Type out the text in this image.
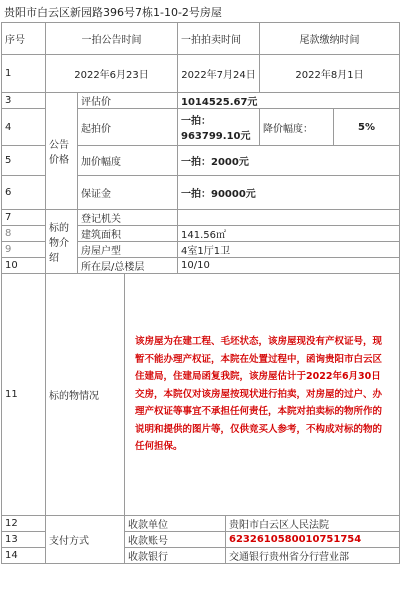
贵阳市白云区新园路396号7栋1-10-2号房屋
序号	一拍公告时间			一拍拍卖时间		尾款缴纳时间	
1	2022年6月23日			2022年7月24日		2022年8月1日	
3	公告价格	评估价		1014525.67元			
4		起拍价		一拍：963799.10元		降价幅度：	5%
5		加价幅度		一拍：2000元			
6		保证金		一拍：90000元			
7	标的物介绍	登记机关					
8		建筑面积		141.56㎡			
9		房屋户型		4室1厅1卫			
10		所在层/总楼层		10/10			
11	标的物情况		该房屋为在建工程、毛坯状态，该房屋现没有产权证号，现暂不能办理产权证，本院在处置过程中，函询贵阳市白云区住建局，住建局函复我院，该房屋估计于2022年6月30日交房，本院仅对该房屋按现状进行拍卖，对房屋的过户、办理产权证等事宜不承担任何责任，本院对拍卖标的物所作的说明和提供的图片等，仅供竞买人参考，不构成对标的物的任何担保。				
12	支付方式		收款单位		贵阳市白云区人民法院		
13			收款账号		6232610580010751754		
14			收款银行		交通银行贵州省分行营业部		
